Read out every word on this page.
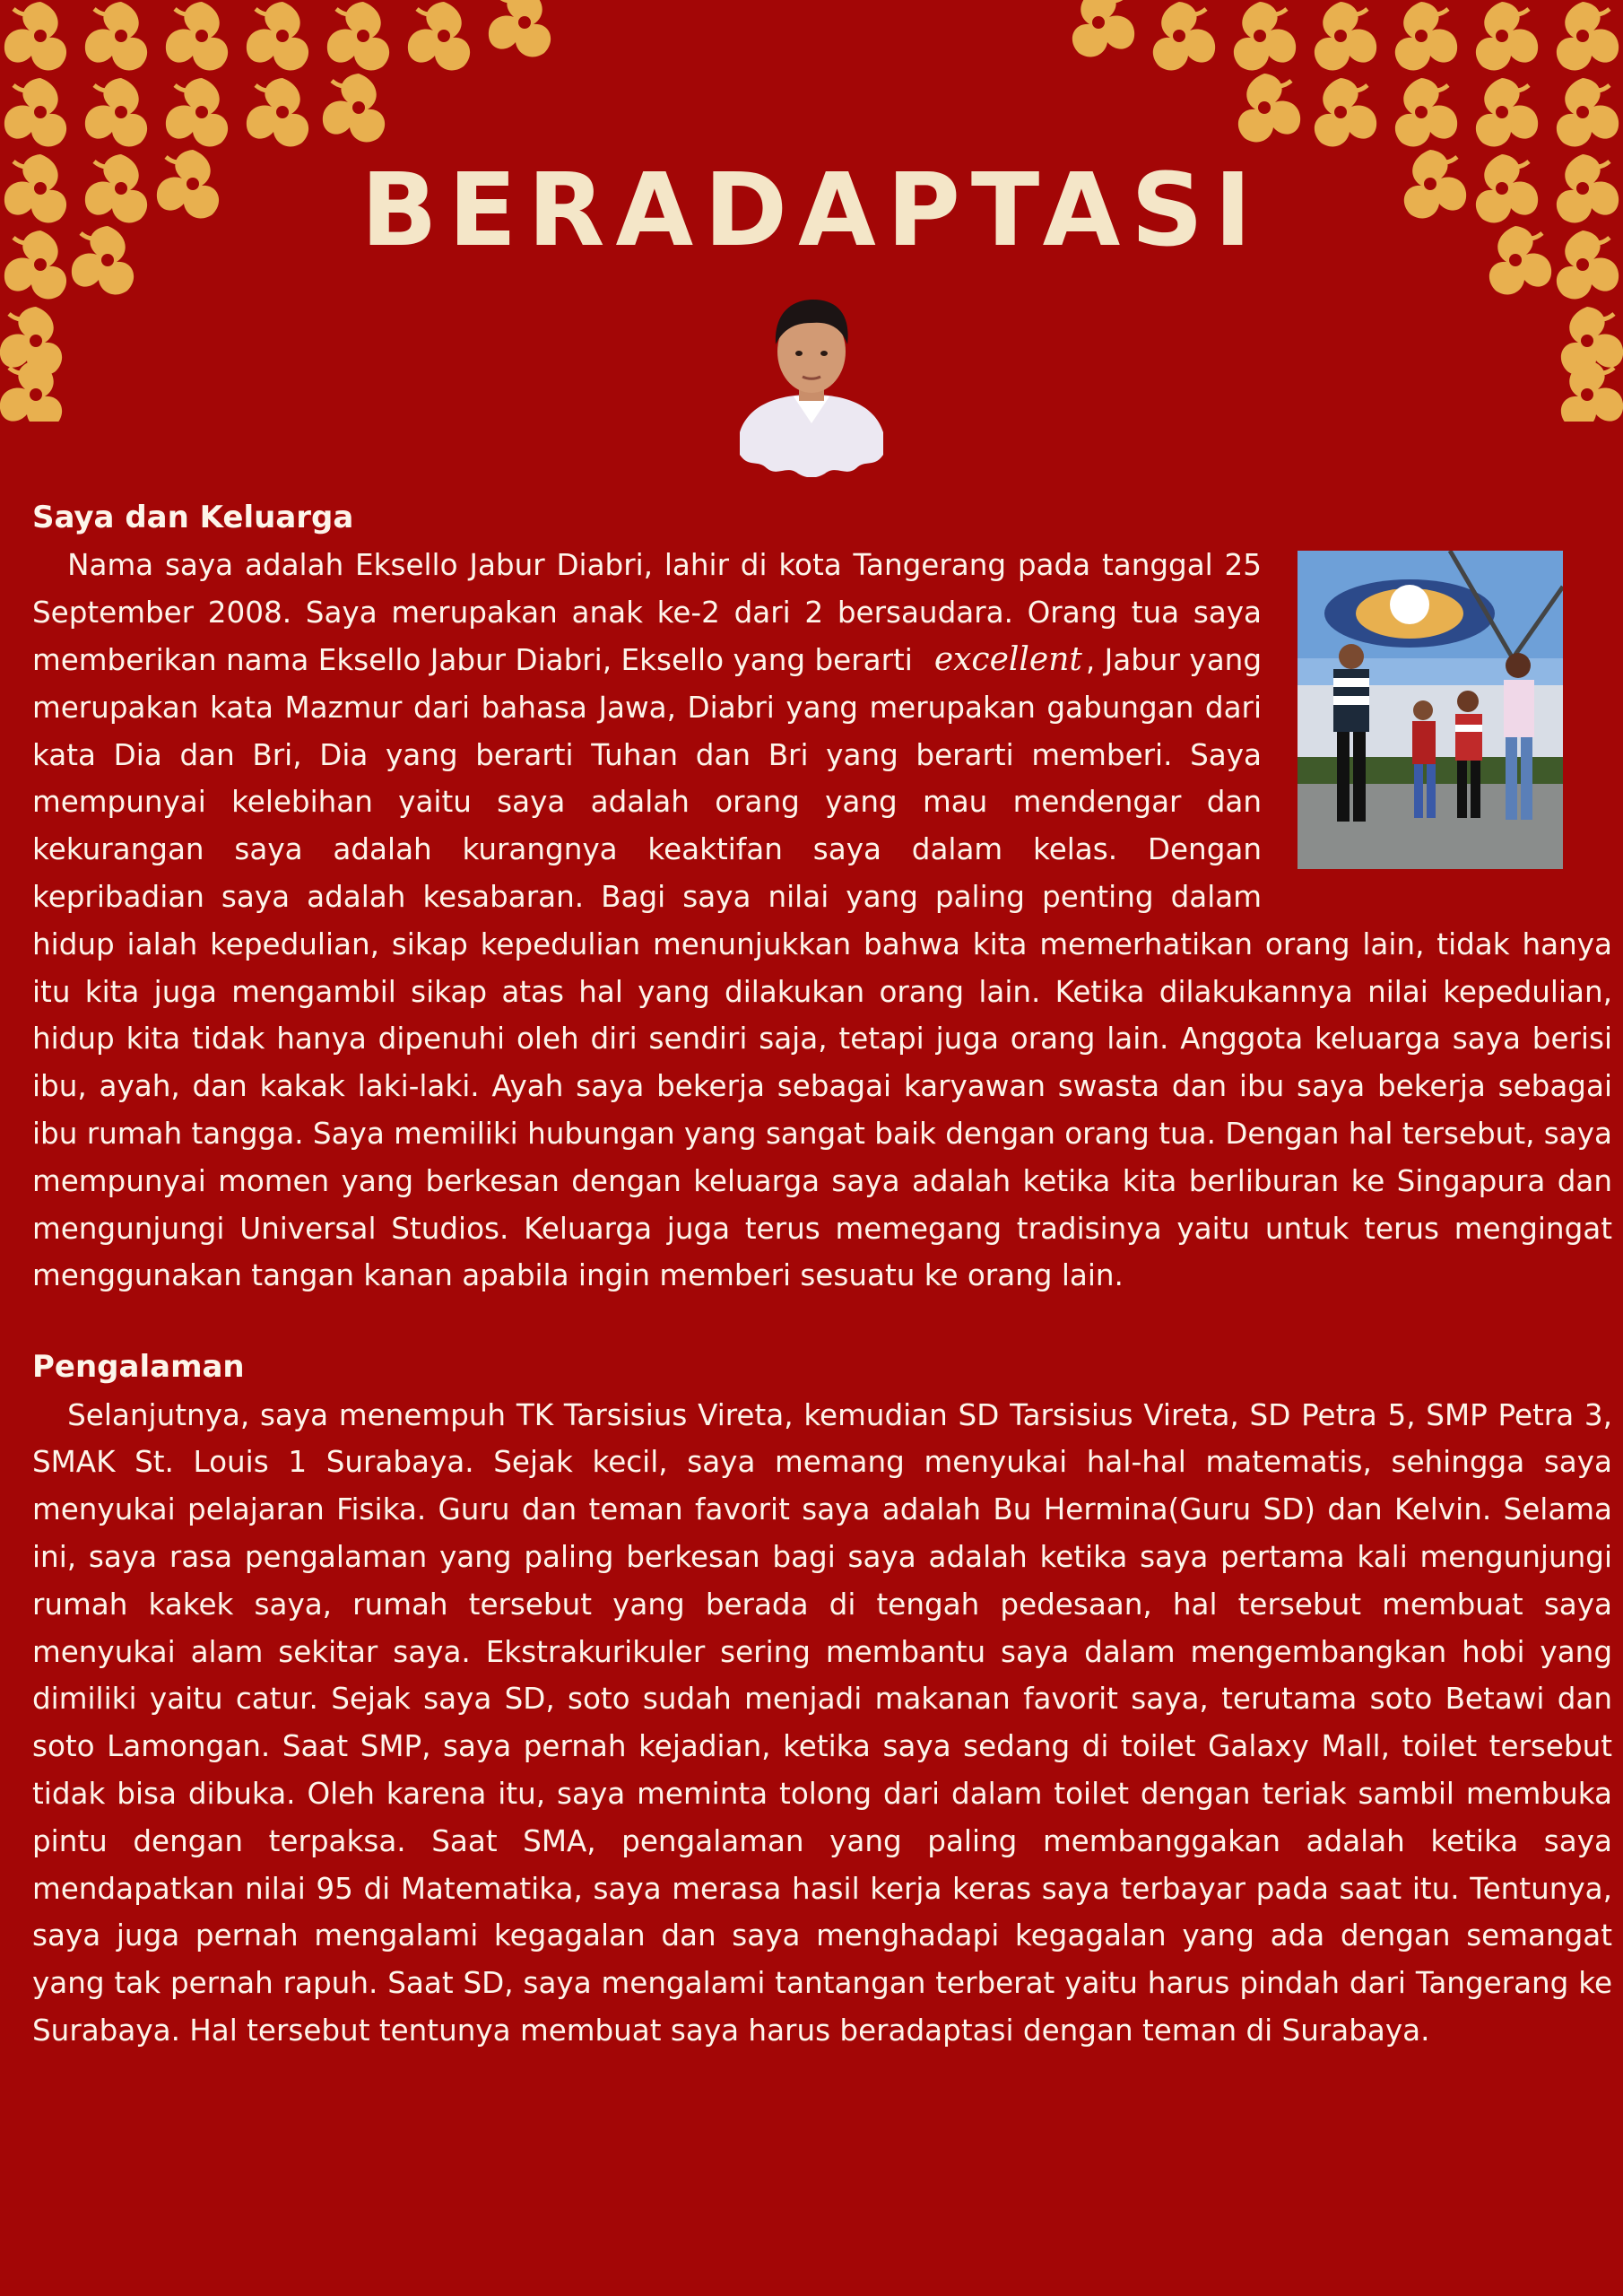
BERADAPTASI
Saya dan Keluarga

Nama saya adalah Eksello Jabur Diabri, lahir di kota Tangerang pada tanggal 25 September 2008. Saya merupakan anak ke-2 dari 2 bersaudara. Orang tua saya memberikan nama Eksello Jabur Diabri, Eksello yang berarti excellent , Jabur yang merupakan kata Mazmur dari bahasa Jawa, Diabri yang merupakan gabungan dari kata Dia dan Bri, Dia yang berarti Tuhan dan Bri yang berarti memberi. Saya mempunyai kelebihan yaitu saya adalah orang yang mau mendengar dan kekurangan saya adalah kurangnya keaktifan saya dalam kelas. Dengan kepribadian saya adalah kesabaran. Bagi saya nilai yang paling penting dalam hidup ialah kepedulian, sikap kepedulian menunjukkan bahwa kita memerhatikan orang lain, tidak hanya itu kita juga mengambil sikap atas hal yang dilakukan orang lain. Ketika dilakukannya nilai kepedulian, hidup kita tidak hanya dipenuhi oleh diri sendiri saja, tetapi juga orang lain. Anggota keluarga saya berisi ibu, ayah, dan kakak laki-laki. Ayah saya bekerja sebagai karyawan swasta dan ibu saya bekerja sebagai ibu rumah tangga. Saya memiliki hubungan yang sangat baik dengan orang tua. Dengan hal tersebut, saya mempunyai momen yang berkesan dengan keluarga saya adalah ketika kita berliburan ke Singapura dan mengunjungi Universal Studios. Keluarga juga terus memegang tradisinya yaitu untuk terus mengingat menggunakan tangan kanan apabila ingin memberi sesuatu ke orang lain.

Pengalaman

Selanjutnya, saya menempuh TK Tarsisius Vireta, kemudian SD Tarsisius Vireta, SD Petra 5, SMP Petra 3, SMAK St. Louis 1 Surabaya. Sejak kecil, saya memang menyukai hal-hal matematis, sehingga saya menyukai pelajaran Fisika. Guru dan teman favorit saya adalah Bu Hermina(Guru SD) dan Kelvin. Selama ini, saya rasa pengalaman yang paling berkesan bagi saya adalah ketika saya pertama kali mengunjungi rumah kakek saya, rumah tersebut yang berada di tengah pedesaan, hal tersebut membuat saya menyukai alam sekitar saya. Ekstrakurikuler sering membantu saya dalam mengembangkan hobi yang dimiliki yaitu catur. Sejak saya SD, soto sudah menjadi makanan favorit saya, terutama soto Betawi dan soto Lamongan. Saat SMP, saya pernah kejadian, ketika saya sedang di toilet Galaxy Mall, toilet tersebut tidak bisa dibuka. Oleh karena itu, saya meminta tolong dari dalam toilet dengan teriak sambil membuka pintu dengan terpaksa. Saat SMA, pengalaman yang paling membanggakan adalah ketika saya mendapatkan nilai 95 di Matematika, saya merasa hasil kerja keras saya terbayar pada saat itu. Tentunya, saya juga pernah mengalami kegagalan dan saya menghadapi kegagalan yang ada dengan semangat yang tak pernah rapuh. Saat SD, saya mengalami tantangan terberat yaitu harus pindah dari Tangerang ke Surabaya. Hal tersebut tentunya membuat saya harus beradaptasi dengan teman di Surabaya.
